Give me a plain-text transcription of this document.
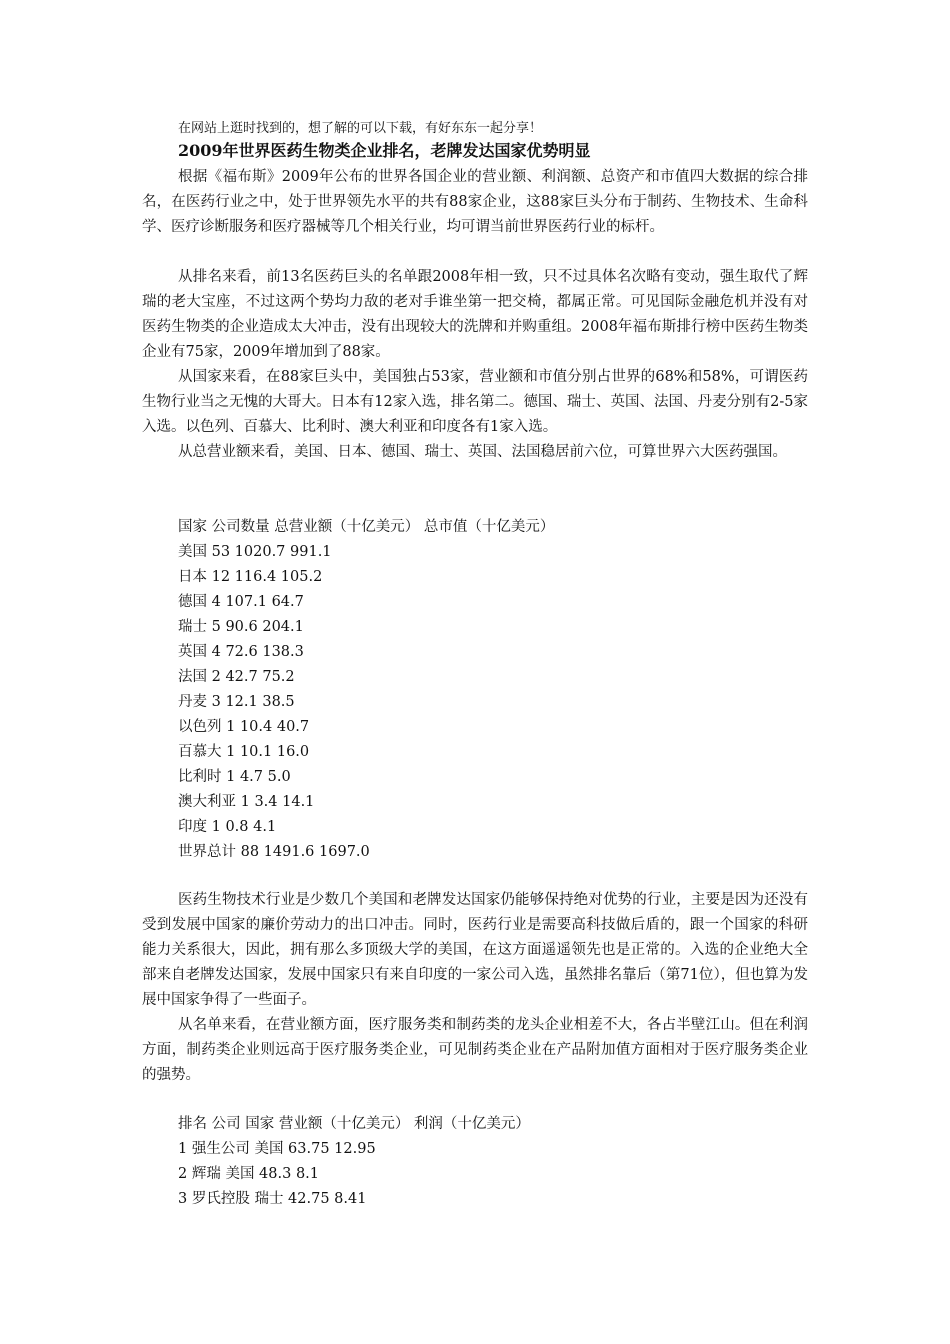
在网站上逛时找到的，想了解的可以下载，有好东东一起分享！
2009年世界医药生物类企业排名，老牌发达国家优势明显

根据《福布斯》2009年公布的世界各国企业的营业额、利润额、总资产和市值四大数据的综合排名，在医药行业之中，处于世界领先水平的共有88家企业，这88家巨头分布于制药、生物技术、生命科学、医疗诊断服务和医疗器械等几个相关行业，均可谓当前世界医药行业的标杆。

从排名来看，前13名医药巨头的名单跟2008年相一致，只不过具体名次略有变动，强生取代了辉瑞的老大宝座，不过这两个势均力敌的老对手谁坐第一把交椅，都属正常。可见国际金融危机并没有对医药生物类的企业造成太大冲击，没有出现较大的洗牌和并购重组。2008年福布斯排行榜中医药生物类企业有75家，2009年增加到了88家。

从国家来看，在88家巨头中，美国独占53家，营业额和市值分别占世界的68%和58%，可谓医药生物行业当之无愧的大哥大。日本有12家入选，排名第二。德国、瑞士、英国、法国、丹麦分别有2-5家入选。以色列、百慕大、比利时、澳大利亚和印度各有1家入选。

从总营业额来看，美国、日本、德国、瑞士、英国、法国稳居前六位，可算世界六大医药强国。

国家 公司数量 总营业额（十亿美元） 总市值（十亿美元）
美国 53 1020.7 991.1
日本 12 116.4 105.2
德国 4 107.1 64.7
瑞士 5 90.6 204.1
英国 4 72.6 138.3
法国 2 42.7 75.2
丹麦 3 12.1 38.5
以色列 1 10.4 40.7
百慕大 1 10.1 16.0
比利时 1 4.7 5.0
澳大利亚 1 3.4 14.1
印度 1 0.8 4.1
世界总计 88 1491.6 1697.0

医药生物技术行业是少数几个美国和老牌发达国家仍能够保持绝对优势的行业，主要是因为还没有受到发展中国家的廉价劳动力的出口冲击。同时，医药行业是需要高科技做后盾的，跟一个国家的科研能力关系很大，因此，拥有那么多顶级大学的美国，在这方面遥遥领先也是正常的。入选的企业绝大全部来自老牌发达国家，发展中国家只有来自印度的一家公司入选，虽然排名靠后（第71位），但也算为发展中国家争得了一些面子。

从名单来看，在营业额方面，医疗服务类和制药类的龙头企业相差不大，各占半壁江山。但在利润方面，制药类企业则远高于医疗服务类企业，可见制药类企业在产品附加值方面相对于医疗服务类企业的强势。

排名 公司 国家 营业额（十亿美元） 利润（十亿美元）
1 强生公司 美国 63.75 12.95
2 辉瑞 美国 48.3 8.1
3 罗氏控股 瑞士 42.75 8.41
